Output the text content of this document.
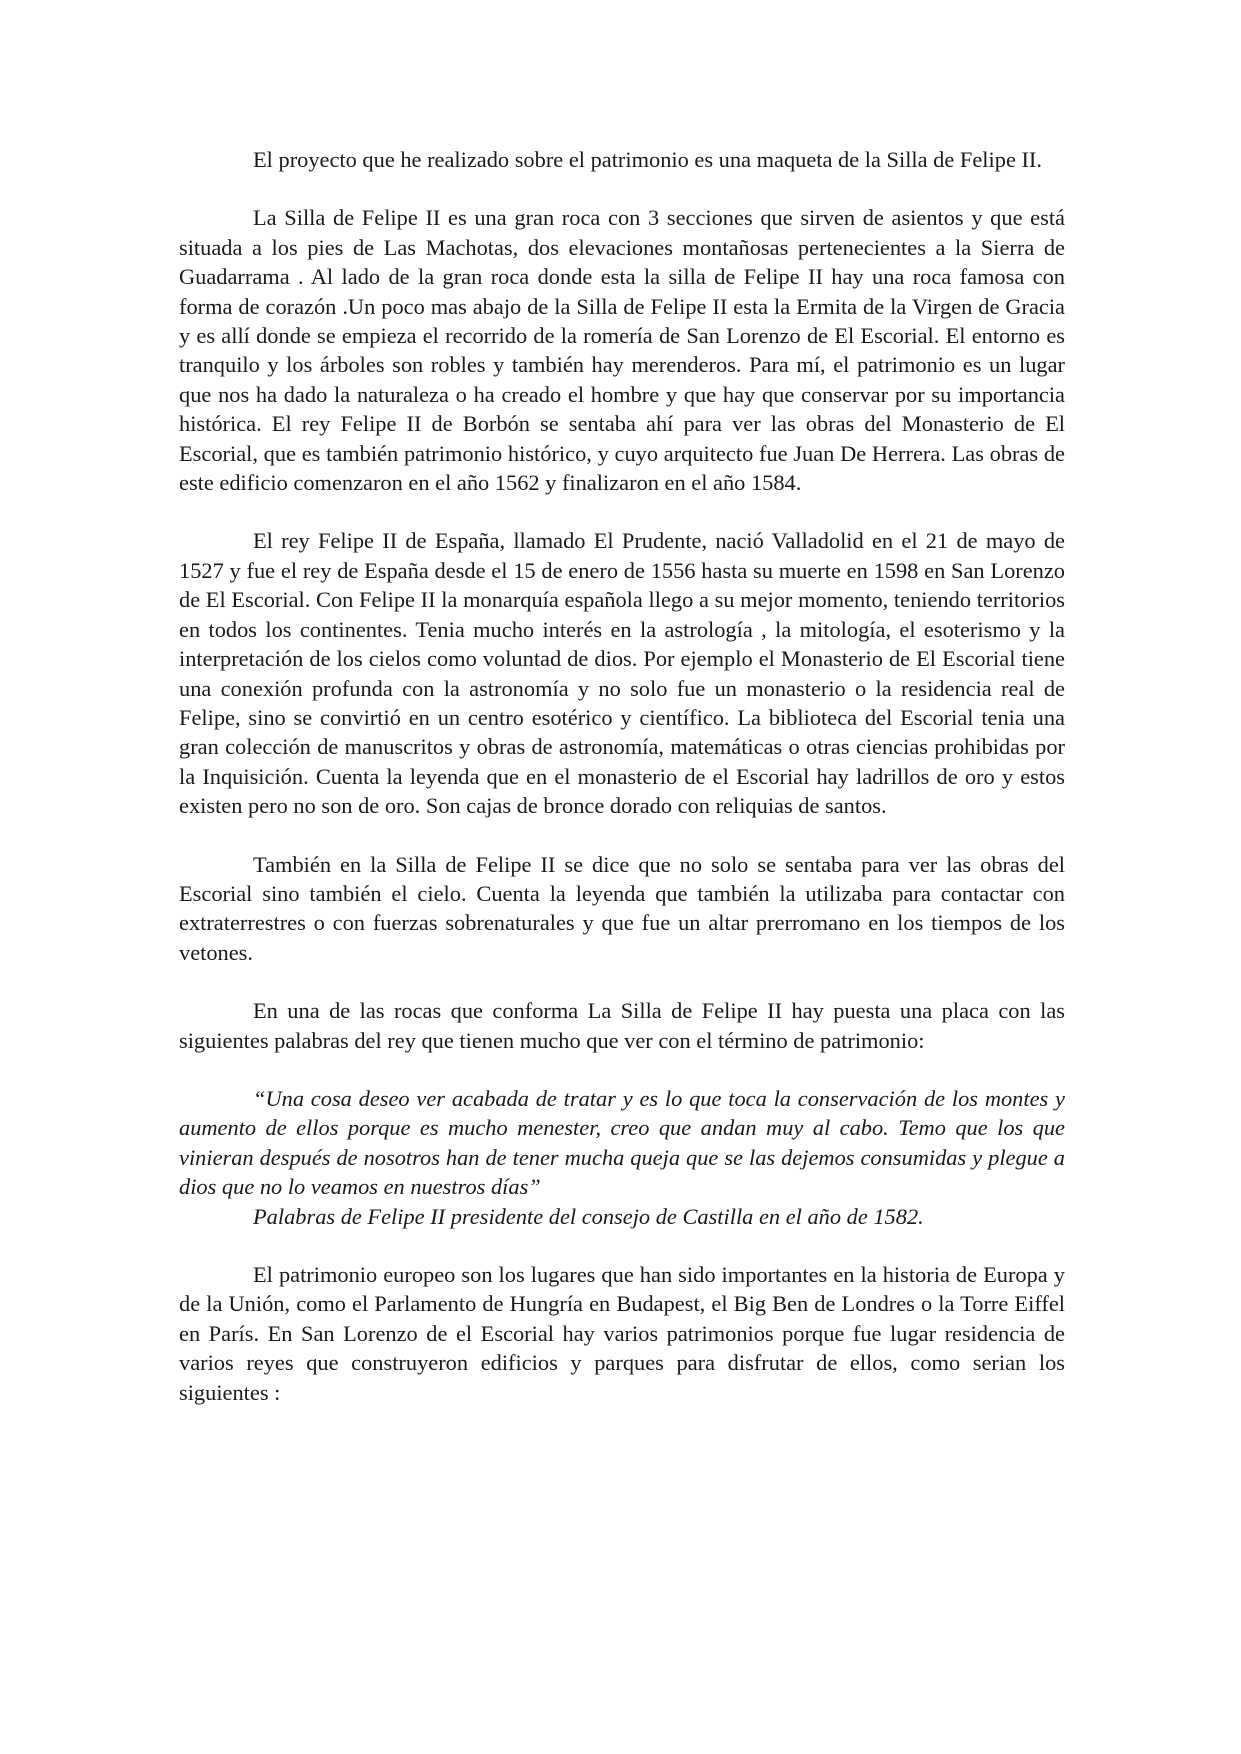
El proyecto que he realizado sobre el patrimonio es una maqueta de la Silla de Felipe II.

La Silla de Felipe II es una gran roca con 3 secciones que sirven de asientos y que está situada a los pies de Las Machotas, dos elevaciones montañosas pertenecientes a la Sierra de Guadarrama . Al lado de la gran roca donde esta la silla de Felipe II hay una roca famosa con forma de corazón .Un poco mas abajo de la Silla de Felipe II esta la Ermita de la Virgen de Gracia y es allí donde se empieza el recorrido de la romería de San Lorenzo de El Escorial. El entorno es tranquilo y los árboles son robles y también hay merenderos. Para mí, el patrimonio es un lugar que nos ha dado la naturaleza o ha creado el hombre y que hay que conservar por su importancia histórica. El rey Felipe II de Borbón se sentaba ahí para ver las obras del Monasterio de El Escorial, que es también patrimonio histórico, y cuyo arquitecto fue Juan De Herrera. Las obras de este edificio comenzaron en el año 1562 y finalizaron en el año 1584.

El rey Felipe II de España, llamado El Prudente, nació Valladolid en el 21 de mayo de 1527 y fue el rey de España desde el 15 de enero de 1556 hasta su muerte en 1598 en San Lorenzo de El Escorial. Con Felipe II la monarquía española llego a su mejor momento, teniendo territorios en todos los continentes. Tenia mucho interés en la astrología , la mitología, el esoterismo y la interpretación de los cielos como voluntad de dios. Por ejemplo el Monasterio de El Escorial tiene una conexión profunda con la astronomía y no solo fue un monasterio o la residencia real de Felipe, sino se convirtió en un centro esotérico y científico. La biblioteca del Escorial tenia una gran colección de manuscritos y obras de astronomía, matemáticas o otras ciencias prohibidas por la Inquisición. Cuenta la leyenda que en el monasterio de el Escorial hay ladrillos de oro y estos existen pero no son de oro. Son cajas de bronce dorado con reliquias de santos.

También en la Silla de Felipe II se dice que no solo se sentaba para ver las obras del Escorial sino también el cielo. Cuenta la leyenda que también la utilizaba para contactar con extraterrestres o con fuerzas sobrenaturales y que fue un altar prerromano en los tiempos de los vetones.

En una de las rocas que conforma La Silla de Felipe II hay puesta una placa con las siguientes palabras del rey que tienen mucho que ver con el término de patrimonio:

“Una cosa deseo ver acabada de tratar y es lo que toca la conservación de los montes y aumento de ellos porque es mucho menester, creo que andan muy al cabo. Temo que los que vinieran después de nosotros han de tener mucha queja que se las dejemos consumidas y plegue a dios que no lo veamos en nuestros días”

Palabras de Felipe II presidente del consejo de Castilla en el año de 1582.

El patrimonio europeo son los lugares que han sido importantes en la historia de Europa y de la Unión, como el Parlamento de Hungría en Budapest, el Big Ben de Londres o la Torre Eiffel en París. En San Lorenzo de el Escorial hay varios patrimonios porque fue lugar residencia de varios reyes que construyeron edificios y parques para disfrutar de ellos, como serian los siguientes :
